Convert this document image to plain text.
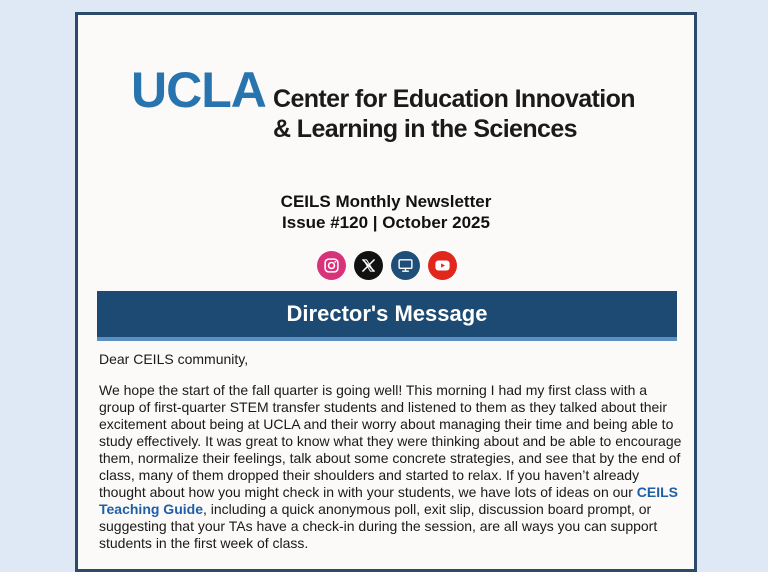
UCLA Center for Education Innovation
& Learning in the Sciences
CEILS Monthly Newsletter
Issue #120 | October 2025
Director's Message
Dear CEILS community,
We hope the start of the fall quarter is going well! This morning I had my first class with a group of first-quarter STEM transfer students and listened to them as they talked about their excitement about being at UCLA and their worry about managing their time and being able to study effectively. It was great to know what they were thinking about and be able to encourage them, normalize their feelings, talk about some concrete strategies, and see that by the end of class, many of them dropped their shoulders and started to relax. If you haven’t already thought about how you might check in with your students, we have lots of ideas on our CEILS Teaching Guide, including a quick anonymous poll, exit slip, discussion board prompt, or suggesting that your TAs have a check-in during the session, are all ways you can support students in the first week of class.
